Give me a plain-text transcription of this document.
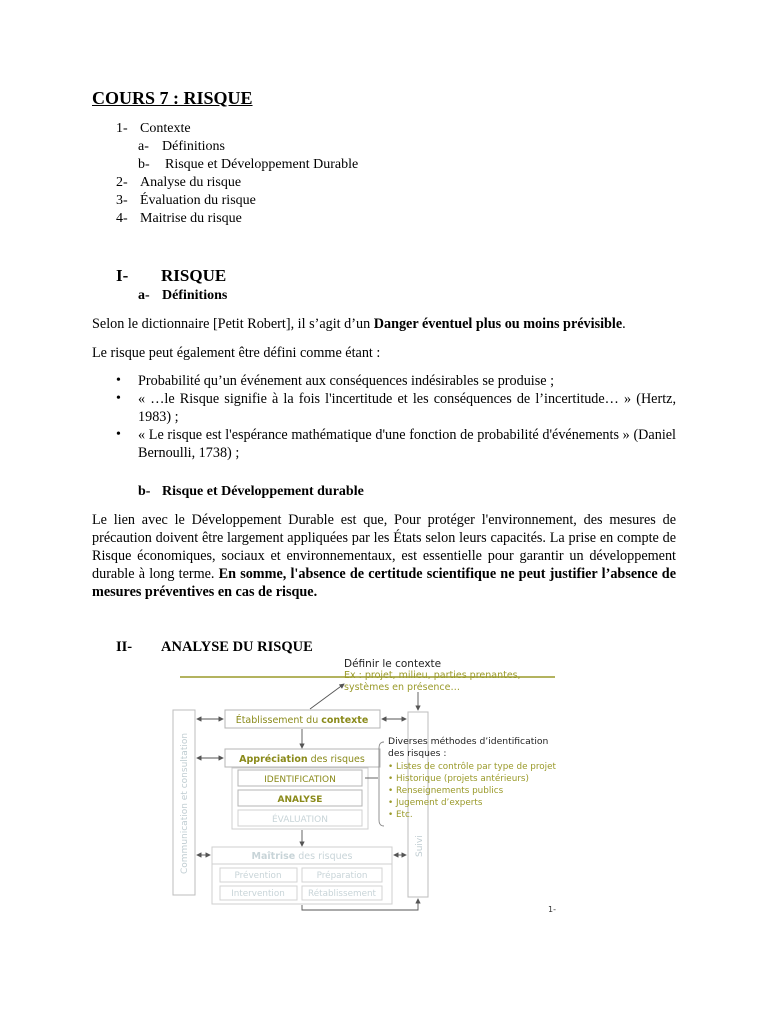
COURS 7 : RISQUE
1- Contexte
a- Définitions
b- Risque et Développement Durable
2- Analyse du risque
3- Évaluation du risque
4- Maitrise du risque
I- RISQUE
a- Définitions
Selon le dictionnaire [Petit Robert], il s’agit d’un Danger éventuel plus ou moins prévisible.
Le risque peut également être défini comme étant :
• Probabilité qu’un événement aux conséquences indésirables se produise ;
• « …le Risque signifie à la fois l'incertitude et les conséquences de l’incertitude… » (Hertz, 1983) ;
• « Le risque est l'espérance mathématique d'une fonction de probabilité d'événements » (Daniel Bernoulli, 1738) ;
b- Risque et Développement durable
Le lien avec le Développement Durable est que, Pour protéger l'environnement, des mesures de précaution doivent être largement appliquées par les États selon leurs capacités. La prise en compte de Risque économiques, sociaux et environnementaux, est essentielle pour garantir un développement durable à long terme. En somme, l'absence de certitude scientifique ne peut justifier l’absence de mesures préventives en cas de risque.
II- ANALYSE DU RISQUE
Définir le contexte
Ex : projet, milieu, parties prenantes,
systèmes en présence…
Communication et consultation	Suivi
Établissement du contexte
Appréciation des risques
IDENTIFICATION
ANALYSE
ÉVALUATION
Diverses méthodes d’identification
des risques :
• Listes de contrôle par type de projet
• Historique (projets antérieurs)
• Renseignements publics
• Jugement d’experts
• Etc.
Maîtrise des risques
Prévention	Préparation
Intervention	Rétablissement
1-
